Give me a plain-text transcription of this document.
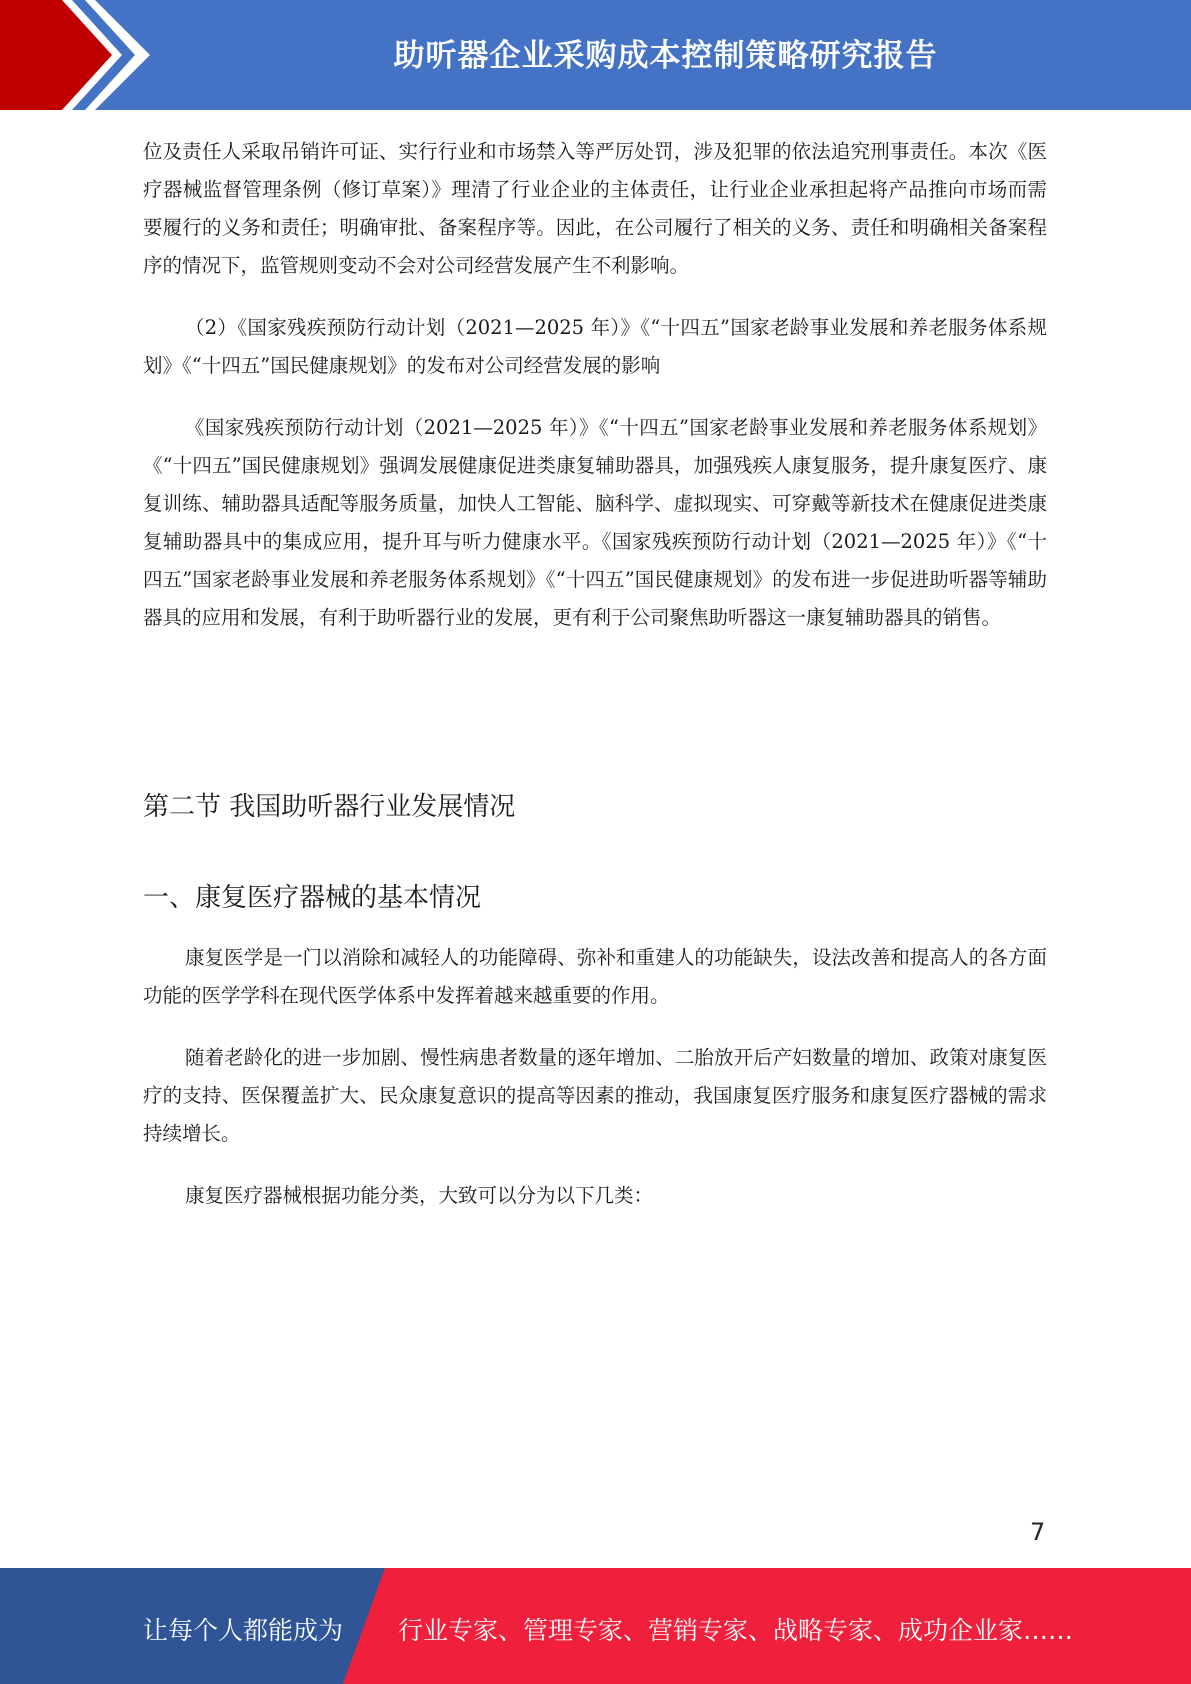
助听器企业采购成本控制策略研究报告

位及责任人采取吊销许可证、实行行业和市场禁入等严厉处罚，涉及犯罪的依法追究刑事责任。本次《医疗器械监督管理条例（修订草案）》理清了行业企业的主体责任，让行业企业承担起将产品推向市场而需要履行的义务和责任；明确审批、备案程序等。因此，在公司履行了相关的义务、责任和明确相关备案程序的情况下，监管规则变动不会对公司经营发展产生不利影响。

（2）《国家残疾预防行动计划（2021—2025 年）》《“十四五”国家老龄事业发展和养老服务体系规划》《“十四五”国民健康规划》的发布对公司经营发展的影响

《国家残疾预防行动计划（2021—2025 年）》《“十四五”国家老龄事业发展和养老服务体系规划》《“十四五”国民健康规划》强调发展健康促进类康复辅助器具，加强残疾人康复服务，提升康复医疗、康复训练、辅助器具适配等服务质量，加快人工智能、脑科学、虚拟现实、可穿戴等新技术在健康促进类康复辅助器具中的集成应用，提升耳与听力健康水平。《国家残疾预防行动计划（2021—2025 年）》《“十四五”国家老龄事业发展和养老服务体系规划》《“十四五”国民健康规划》的发布进一步促进助听器等辅助器具的应用和发展，有利于助听器行业的发展，更有利于公司聚焦助听器这一康复辅助器具的销售。

第二节 我国助听器行业发展情况
一、康复医疗器械的基本情况

康复医学是一门以消除和减轻人的功能障碍、弥补和重建人的功能缺失，设法改善和提高人的各方面功能的医学学科在现代医学体系中发挥着越来越重要的作用。

随着老龄化的进一步加剧、慢性病患者数量的逐年增加、二胎放开后产妇数量的增加、政策对康复医疗的支持、医保覆盖扩大、民众康复意识的提高等因素的推动，我国康复医疗服务和康复医疗器械的需求持续增长。

康复医疗器械根据功能分类，大致可以分为以下几类：

7
让每个人都能成为 行业专家、管理专家、营销专家、战略专家、成功企业家……
